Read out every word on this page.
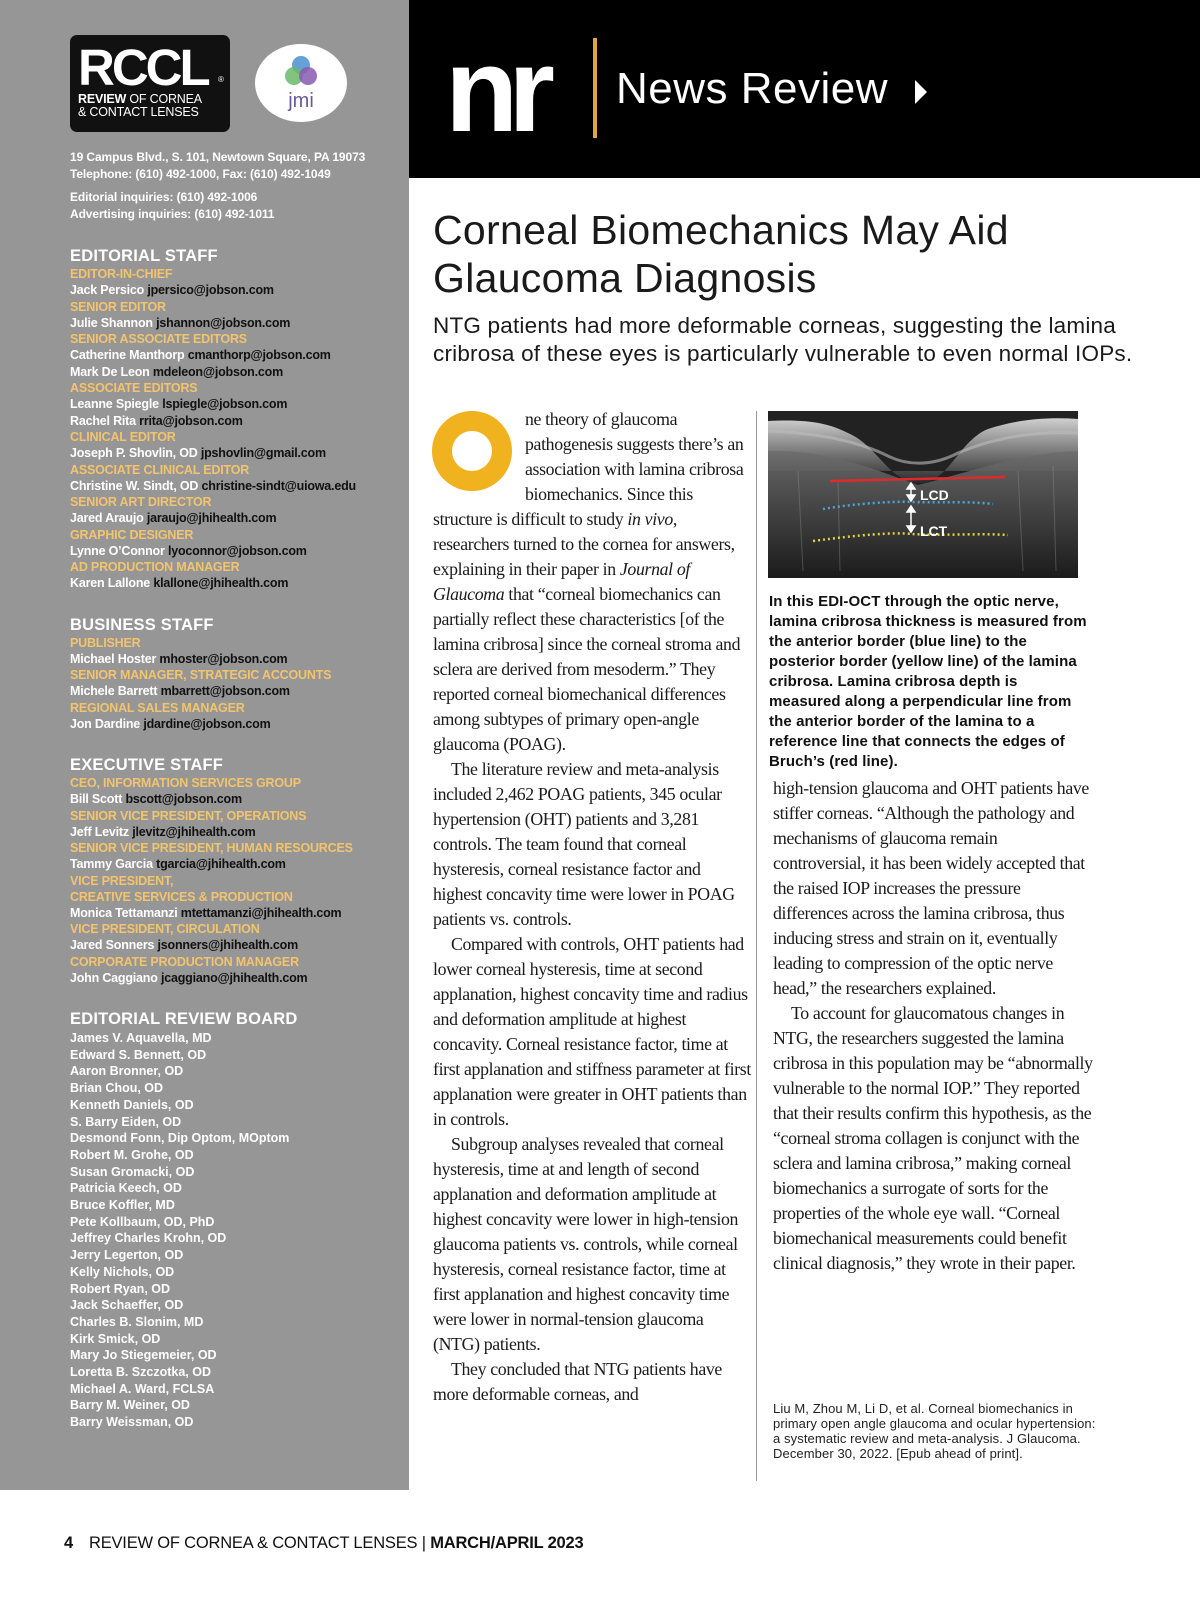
RCCL	®
REVIEW OF CORNEA
& CONTACT LENSES	jmi
19 Campus Blvd., S. 101, Newtown Square, PA 19073
Telephone: (610) 492-1000, Fax: (610) 492-1049
Editorial inquiries: (610) 492-1006
Advertising inquiries: (610) 492-1011
EDITORIAL STAFF
EDITOR-IN-CHIEF
Jack Persico jpersico@jobson.com
SENIOR EDITOR
Julie Shannon jshannon@jobson.com
SENIOR ASSOCIATE EDITORS
Catherine Manthorp cmanthorp@jobson.com
Mark De Leon mdeleon@jobson.com
ASSOCIATE EDITORS
Leanne Spiegle lspiegle@jobson.com
Rachel Rita rrita@jobson.com
CLINICAL EDITOR
Joseph P. Shovlin, OD jpshovlin@gmail.com
ASSOCIATE CLINICAL EDITOR
Christine W. Sindt, OD christine-sindt@uiowa.edu
SENIOR ART DIRECTOR
Jared Araujo jaraujo@jhihealth.com
GRAPHIC DESIGNER
Lynne O’Connor lyoconnor@jobson.com
AD PRODUCTION MANAGER
Karen Lallone klallone@jhihealth.com
BUSINESS STAFF
PUBLISHER
Michael Hoster mhoster@jobson.com
SENIOR MANAGER, STRATEGIC ACCOUNTS
Michele Barrett mbarrett@jobson.com
REGIONAL SALES MANAGER
Jon Dardine jdardine@jobson.com
EXECUTIVE STAFF
CEO, INFORMATION SERVICES GROUP
Bill Scott bscott@jobson.com
SENIOR VICE PRESIDENT, OPERATIONS
Jeff Levitz jlevitz@jhihealth.com
SENIOR VICE PRESIDENT, HUMAN RESOURCES
Tammy Garcia tgarcia@jhihealth.com
VICE PRESIDENT,
CREATIVE SERVICES & PRODUCTION
Monica Tettamanzi mtettamanzi@jhihealth.com
VICE PRESIDENT, CIRCULATION
Jared Sonners jsonners@jhihealth.com
CORPORATE PRODUCTION MANAGER
John Caggiano jcaggiano@jhihealth.com
EDITORIAL REVIEW BOARD
James V. Aquavella, MD
Edward S. Bennett, OD
Aaron Bronner, OD
Brian Chou, OD
Kenneth Daniels, OD
S. Barry Eiden, OD
Desmond Fonn, Dip Optom, MOptom
Robert M. Grohe, OD
Susan Gromacki, OD
Patricia Keech, OD
Bruce Koffler, MD
Pete Kollbaum, OD, PhD
Jeffrey Charles Krohn, OD
Jerry Legerton, OD
Kelly Nichols, OD
Robert Ryan, OD
Jack Schaeffer, OD
Charles B. Slonim, MD
Kirk Smick, OD
Mary Jo Stiegemeier, OD
Loretta B. Szczotka, OD
Michael A. Ward, FCLSA
Barry M. Weiner, OD
Barry Weissman, OD
nr News Review
Corneal Biomechanics May Aid Glaucoma Diagnosis
NTG patients had more deformable corneas, suggesting the lamina cribrosa of these eyes is particularly vulnerable to even normal IOPs.

ne theory of glaucoma pathogenesis suggests there’s an association with lamina cribrosa biomechanics. Since this structure is difficult to study in vivo, researchers turned to the cornea for answers, explaining in their paper in Journal of Glaucoma that “corneal biomechanics can partially reflect these characteristics [of the lamina cribrosa] since the corneal stroma and sclera are derived from mesoderm.” They reported corneal biomechanical differences among subtypes of primary open-angle glaucoma (POAG).

The literature review and meta-analysis included 2,462 POAG patients, 345 ocular hypertension (OHT) patients and 3,281 controls. The team found that corneal hysteresis, corneal resistance factor and highest concavity time were lower in POAG patients vs. controls.

Compared with controls, OHT patients had lower corneal hysteresis, time at second applanation, highest concavity time and radius and deformation amplitude at highest concavity. Corneal resistance factor, time at first applanation and stiffness parameter at first applanation were greater in OHT patients than in controls.

Subgroup analyses revealed that corneal hysteresis, time at and length of second applanation and deformation amplitude at highest concavity were lower in high-tension glaucoma patients vs. controls, while corneal hysteresis, corneal resistance factor, time at first applanation and highest concavity time were lower in normal-tension glaucoma (NTG) patients.

They concluded that NTG patients have more deformable corneas, and

LCD
LCT
In this EDI-OCT through the optic nerve, lamina cribrosa thickness is measured from the anterior border (blue line) to the posterior border (yellow line) of the lamina cribrosa. Lamina cribrosa depth is measured along a perpendicular line from the anterior border of the lamina to a reference line that connects the edges of Bruch’s (red line).

high-tension glaucoma and OHT patients have stiffer corneas. “Although the pathology and mechanisms of glaucoma remain controversial, it has been widely accepted that the raised IOP increases the pressure differences across the lamina cribrosa, thus inducing stress and strain on it, eventually leading to compression of the optic nerve head,” the researchers explained.

To account for glaucomatous changes in NTG, the researchers suggested the lamina cribrosa in this population may be “abnormally vulnerable to the normal IOP.” They reported that their results confirm this hypothesis, as the “corneal stroma collagen is conjunct with the sclera and lamina cribrosa,” making corneal biomechanics a surrogate of sorts for the properties of the whole eye wall. “Corneal biomechanical measurements could benefit clinical diagnosis,” they wrote in their paper.

Liu M, Zhou M, Li D, et al. Corneal biomechanics in primary open angle glaucoma and ocular hypertension: a systematic review and meta-analysis. J Glaucoma. December 30, 2022. [Epub ahead of print].
4 REVIEW OF CORNEA & CONTACT LENSES | MARCH/APRIL 2023
